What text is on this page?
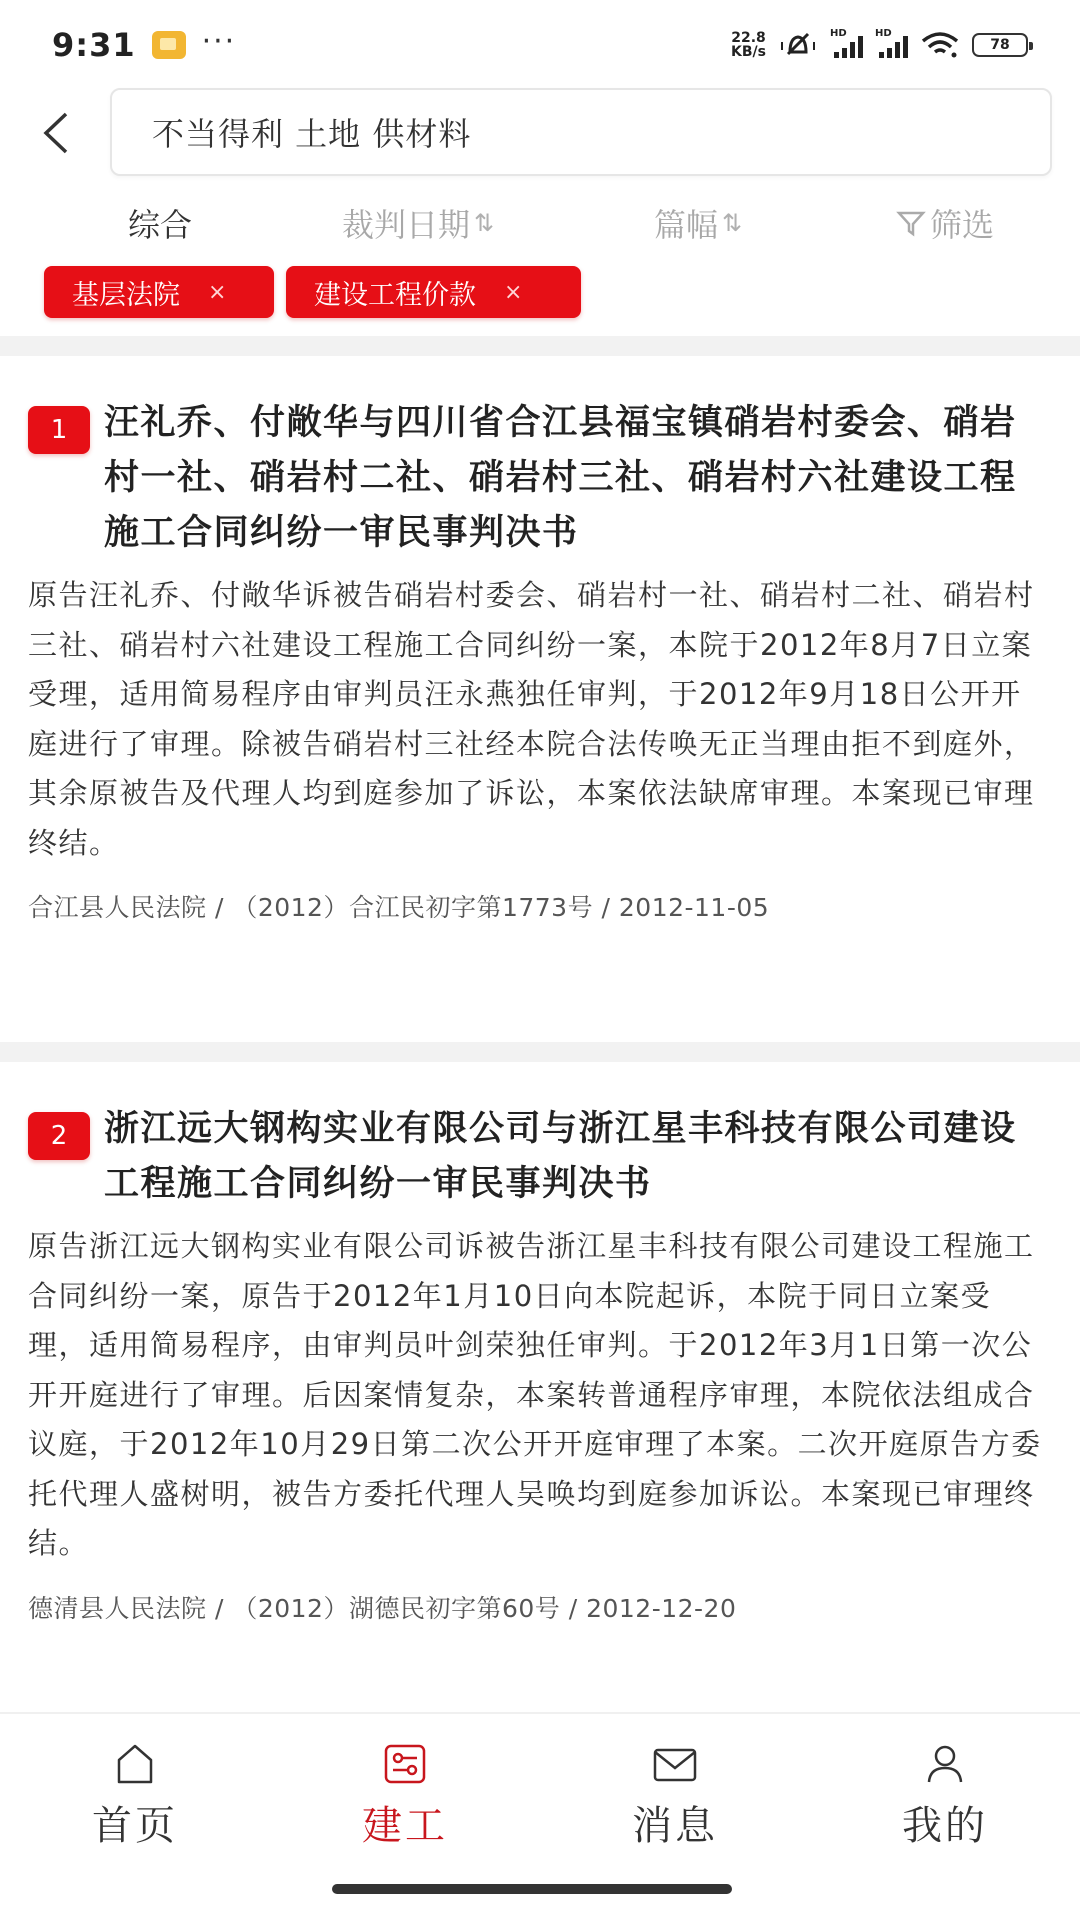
9:31 ···	22.8
KB/s
HD	HD
78
不当得利 土地 供材料
综合	裁判日期 ⇅	篇幅 ⇅	筛选
基层法院 ×	建设工程价款 ×
1	汪礼乔、付敞华与四川省合江县福宝镇硝岩村委会、硝岩村一社、硝岩村二社、硝岩村三社、硝岩村六社建设工程施工合同纠纷一审民事判决书
原告汪礼乔、付敞华诉被告硝岩村委会、硝岩村一社、硝岩村二社、硝岩村三社、硝岩村六社建设工程施工合同纠纷一案，本院于2012年8月7日立案受理，适用简易程序由审判员汪永燕独任审判，于2012年9月18日公开开庭进行了审理。除被告硝岩村三社经本院合法传唤无正当理由拒不到庭外，其余原被告及代理人均到庭参加了诉讼，本案依法缺席审理。本案现已审理终结。
合江县人民法院 / （2012）合江民初字第1773号 / 2012-11-05
2	浙江远大钢构实业有限公司与浙江星丰科技有限公司建设工程施工合同纠纷一审民事判决书
原告浙江远大钢构实业有限公司诉被告浙江星丰科技有限公司建设工程施工合同纠纷一案，原告于2012年1月10日向本院起诉，本院于同日立案受理，适用简易程序，由审判员叶剑荣独任审判。于2012年3月1日第一次公开开庭进行了审理。后因案情复杂，本案转普通程序审理，本院依法组成合议庭，于2012年10月29日第二次公开开庭审理了本案。二次开庭原告方委托代理人盛树明，被告方委托代理人吴唤均到庭参加诉讼。本案现已审理终结。
德清县人民法院 / （2012）湖德民初字第60号 / 2012-12-20
首页	建工	消息	我的
